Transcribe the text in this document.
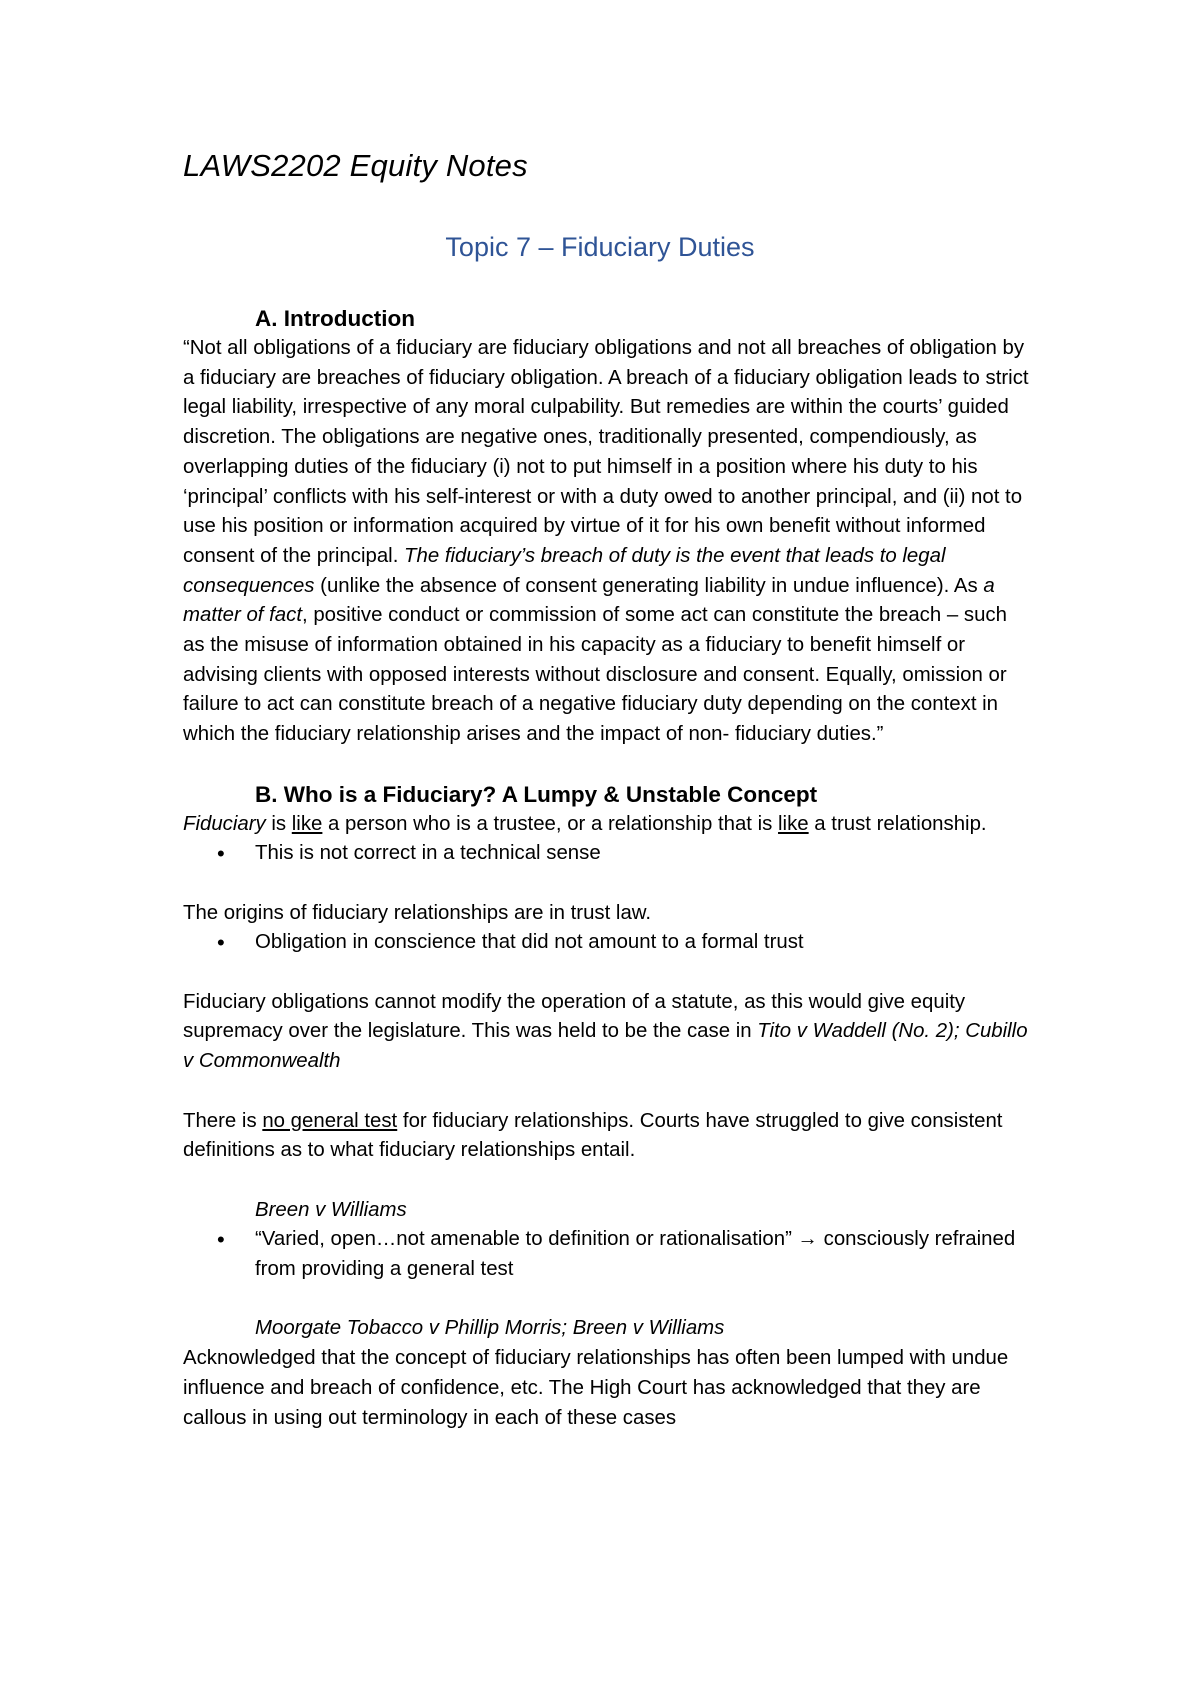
LAWS2202 Equity Notes
Topic 7 – Fiduciary Duties
A. Introduction

“Not all obligations of a fiduciary are fiduciary obligations and not all breaches of obligation by a fiduciary are breaches of fiduciary obligation. A breach of a fiduciary obligation leads to strict legal liability, irrespective of any moral culpability. But remedies are within the courts’ guided discretion. The obligations are negative ones, traditionally presented, compendiously, as overlapping duties of the fiduciary (i) not to put himself in a position where his duty to his ‘principal’ conflicts with his self-interest or with a duty owed to another principal, and (ii) not to use his position or information acquired by virtue of it for his own benefit without informed consent of the principal. The fiduciary’s breach of duty is the event that leads to legal consequences (unlike the absence of consent generating liability in undue influence). As a matter of fact, positive conduct or commission of some act can constitute the breach – such as the misuse of information obtained in his capacity as a fiduciary to benefit himself or advising clients with opposed interests without disclosure and consent. Equally, omission or failure to act can constitute breach of a negative fiduciary duty depending on the context in which the fiduciary relationship arises and the impact of non- fiduciary duties.”

B. Who is a Fiduciary? A Lumpy & Unstable Concept

Fiduciary is like a person who is a trustee, or a relationship that is like a trust relationship.

• This is not correct in a technical sense

The origins of fiduciary relationships are in trust law.

• Obligation in conscience that did not amount to a formal trust

Fiduciary obligations cannot modify the operation of a statute, as this would give equity supremacy over the legislature. This was held to be the case in Tito v Waddell (No. 2); Cubillo v Commonwealth

There is no general test for fiduciary relationships. Courts have struggled to give consistent definitions as to what fiduciary relationships entail.

Breen v Williams

• “Varied, open…not amenable to definition or rationalisation” → consciously refrained from providing a general test

Moorgate Tobacco v Phillip Morris; Breen v Williams

Acknowledged that the concept of fiduciary relationships has often been lumped with undue influence and breach of confidence, etc. The High Court has acknowledged that they are callous in using out terminology in each of these cases
